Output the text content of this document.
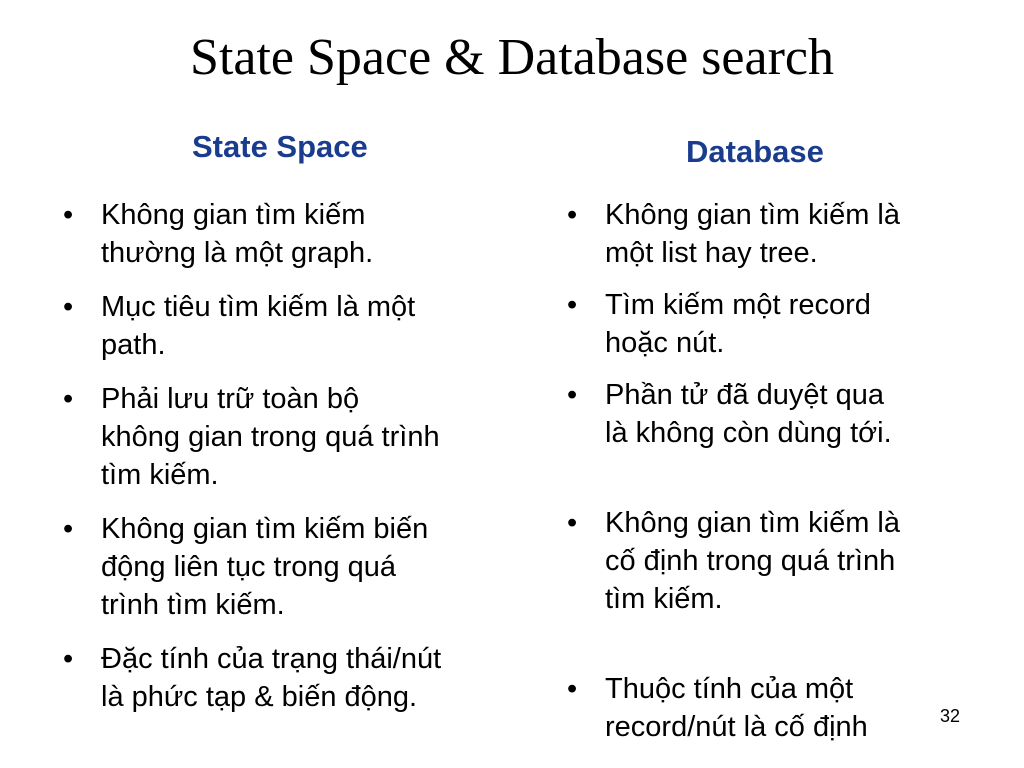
State Space & Database search
State Space	Database
• Không gian tìm kiếm
thường là một graph.
• Mục tiêu tìm kiếm là một
path.
• Phải lưu trữ toàn bộ
không gian trong quá trình
tìm kiếm.
• Không gian tìm kiếm biến
động liên tục trong quá
trình tìm kiếm.
• Đặc tính của trạng thái/nút
là phức tạp & biến động.
• Không gian tìm kiếm là
một list hay tree.
• Tìm kiếm một record
hoặc nút.
• Phần tử đã duyệt qua
là không còn dùng tới.
• Không gian tìm kiếm là
cố định trong quá trình
tìm kiếm.
• Thuộc tính của một
record/nút là cố định	32
